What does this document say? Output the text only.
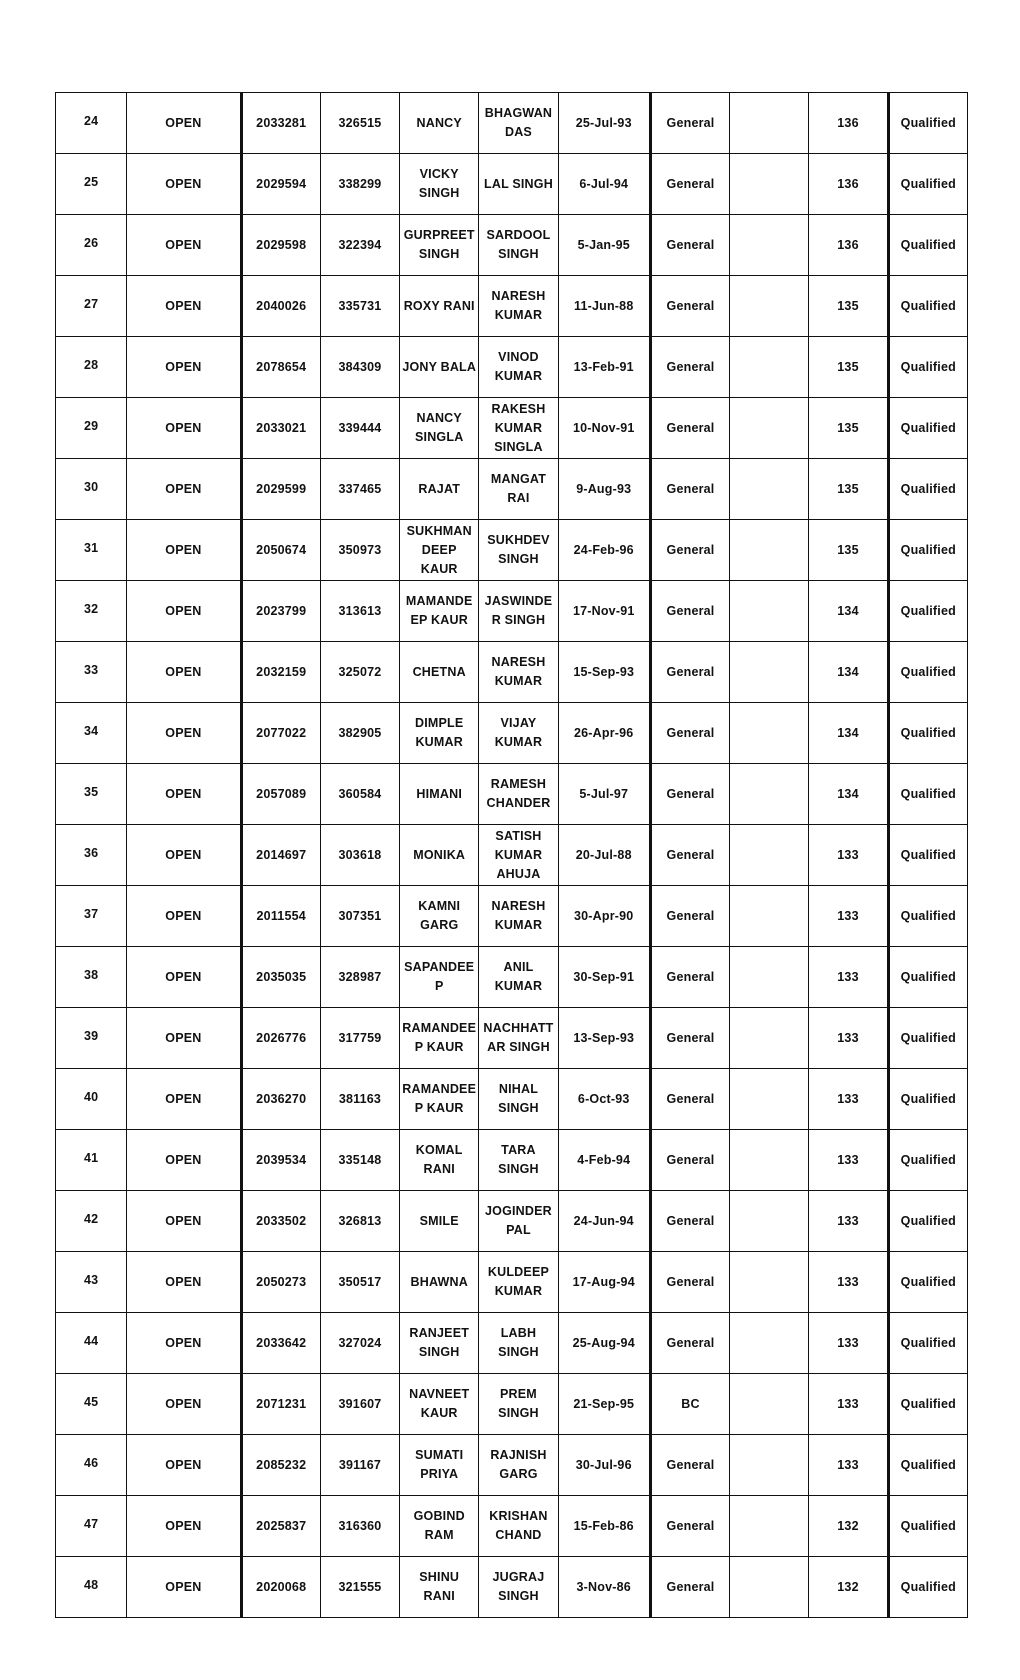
24	OPEN	2033281	326515	NANCY	BHAGWAN DAS	25-Jul-93	General		136	Qualified
25	OPEN	2029594	338299	VICKY SINGH	LAL SINGH	6-Jul-94	General		136	Qualified
26	OPEN	2029598	322394	GURPREET SINGH	SARDOOL SINGH	5-Jan-95	General		136	Qualified
27	OPEN	2040026	335731	ROXY RANI	NARESH KUMAR	11-Jun-88	General		135	Qualified
28	OPEN	2078654	384309	JONY BALA	VINOD KUMAR	13-Feb-91	General		135	Qualified
29	OPEN	2033021	339444	NANCY SINGLA	RAKESH KUMAR SINGLA	10-Nov-91	General		135	Qualified
30	OPEN	2029599	337465	RAJAT	MANGAT RAI	9-Aug-93	General		135	Qualified
31	OPEN	2050674	350973	SUKHMAN DEEP KAUR	SUKHDEV SINGH	24-Feb-96	General		135	Qualified
32	OPEN	2023799	313613	MAMANDE EP KAUR	JASWINDER SINGH	17-Nov-91	General		134	Qualified
33	OPEN	2032159	325072	CHETNA	NARESH KUMAR	15-Sep-93	General		134	Qualified
34	OPEN	2077022	382905	DIMPLE KUMAR	VIJAY KUMAR	26-Apr-96	General		134	Qualified
35	OPEN	2057089	360584	HIMANI	RAMESH CHANDER	5-Jul-97	General		134	Qualified
36	OPEN	2014697	303618	MONIKA	SATISH KUMAR AHUJA	20-Jul-88	General		133	Qualified
37	OPEN	2011554	307351	KAMNI GARG	NARESH KUMAR	30-Apr-90	General		133	Qualified
38	OPEN	2035035	328987	SAPANDEE P	ANIL KUMAR	30-Sep-91	General		133	Qualified
39	OPEN	2026776	317759	RAMANDEE P KAUR	NACHHATT AR SINGH	13-Sep-93	General		133	Qualified
40	OPEN	2036270	381163	RAMANDEE P KAUR	NIHAL SINGH	6-Oct-93	General		133	Qualified
41	OPEN	2039534	335148	KOMAL RANI	TARA SINGH	4-Feb-94	General		133	Qualified
42	OPEN	2033502	326813	SMILE	JOGINDER PAL	24-Jun-94	General		133	Qualified
43	OPEN	2050273	350517	BHAWNA	KULDEEP KUMAR	17-Aug-94	General		133	Qualified
44	OPEN	2033642	327024	RANJEET SINGH	LABH SINGH	25-Aug-94	General		133	Qualified
45	OPEN	2071231	391607	NAVNEET KAUR	PREM SINGH	21-Sep-95	BC		133	Qualified
46	OPEN	2085232	391167	SUMATI PRIYA	RAJNISH GARG	30-Jul-96	General		133	Qualified
47	OPEN	2025837	316360	GOBIND RAM	KRISHAN CHAND	15-Feb-86	General		132	Qualified
48	OPEN	2020068	321555	SHINU RANI	JUGRAJ SINGH	3-Nov-86	General		132	Qualified
